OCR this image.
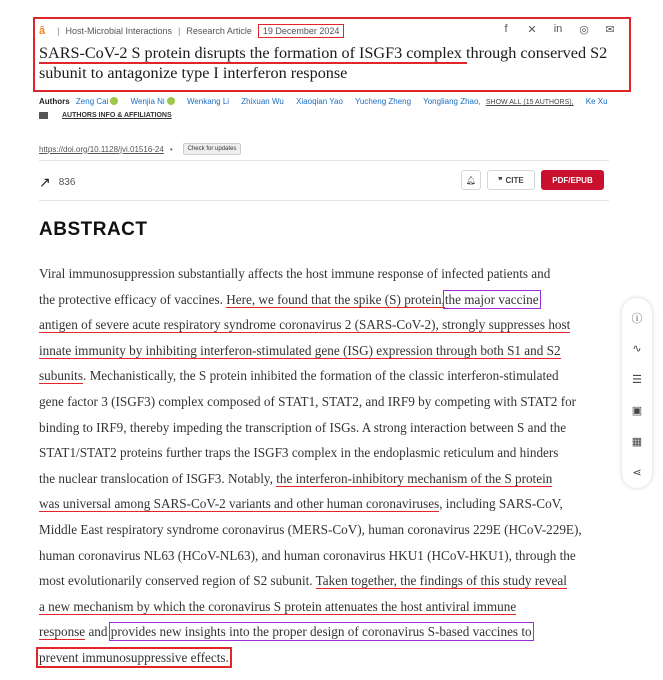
ȃ | Host-Microbial Interactions | Research Article	19 December 2024	f	✕ in ◎ ✉
SARS-CoV-2 S protein disrupts the formation of ISGF3 complex through conserved S2 subunit to antagonize type I interferon response
Authors Zeng Cai	Wenjia Ni	Wenkang Li Zhixuan Wu Xiaoqian Yao Yucheng Zheng Yongliang Zhao, SHOW ALL (15 AUTHORS), Ke Xu
AUTHORS INFO & AFFILIATIONS
https://doi.org/10.1128/jvi.01516-24 •	Check for updates
↗ 836	🔔︎	❞ CITE	PDF/EPUB
ABSTRACT
Viral immunosuppression substantially affects the host immune response of infected patients and
the protective efficacy of vaccines. Here, we found that the spike (S) protein,the major vaccine
antigen of severe acute respiratory syndrome coronavirus 2 (SARS-CoV-2), strongly suppresses host
innate immunity by inhibiting interferon-stimulated gene (ISG) expression through both S1 and S2
subunits. Mechanistically, the S protein inhibited the formation of the classic interferon-stimulated
gene factor 3 (ISGF3) complex composed of STAT1, STAT2, and IRF9 by competing with STAT2 for
binding to IRF9, thereby impeding the transcription of ISGs. A strong interaction between S and the
STAT1/STAT2 proteins further traps the ISGF3 complex in the endoplasmic reticulum and hinders
the nuclear translocation of ISGF3. Notably, the interferon-inhibitory mechanism of the S protein
was universal among SARS-CoV-2 variants and other human coronaviruses, including SARS-CoV,
Middle East respiratory syndrome coronavirus (MERS-CoV), human coronavirus 229E (HCoV-229E),
human coronavirus NL63 (HCoV-NL63), and human coronavirus HKU1 (HCoV-HKU1), through the
most evolutionarily conserved region of S2 subunit. Taken together, the findings of this study reveal
a new mechanism by which the coronavirus S protein attenuates the host antiviral immune
response and provides new insights into the proper design of coronavirus S-based vaccines to
prevent immunosuppressive effects.
ⓘ
∿
☰
▣
▦
⋖
